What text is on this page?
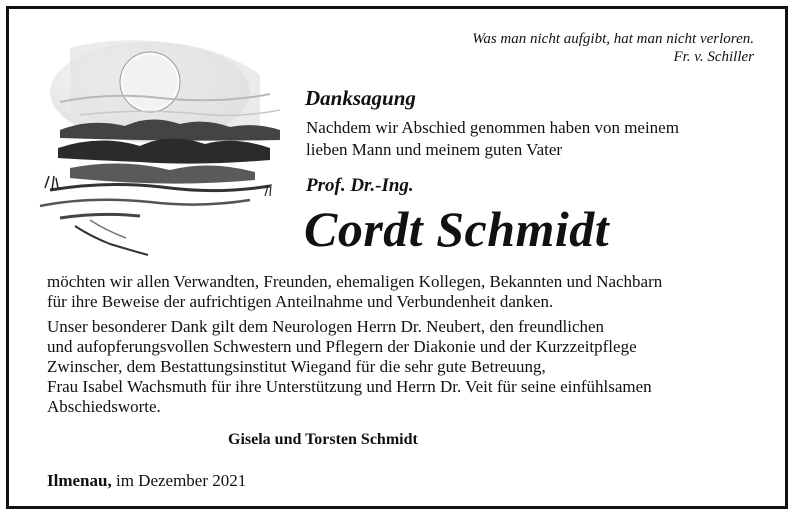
Was man nicht aufgibt, hat man nicht verloren.
Fr. v. Schiller
Danksagung
Nachdem wir Abschied genommen haben von meinem
lieben Mann und meinem guten Vater
Prof. Dr.-Ing.
Cordt Schmidt
möchten wir allen Verwandten, Freunden, ehemaligen Kollegen, Bekannten und Nachbarn
für ihre Beweise der aufrichtigen Anteilnahme und Verbundenheit danken.
Unser besonderer Dank gilt dem Neurologen Herrn Dr. Neubert, den freundlichen
und aufopferungsvollen Schwestern und Pflegern der Diakonie und der Kurzzeitpflege
Zwinscher, dem Bestattungsinstitut Wiegand für die sehr gute Betreuung,
Frau Isabel Wachsmuth für ihre Unterstützung und Herrn Dr. Veit für seine einfühlsamen
Abschiedsworte.
Gisela und Torsten Schmidt
Ilmenau, im Dezember 2021
